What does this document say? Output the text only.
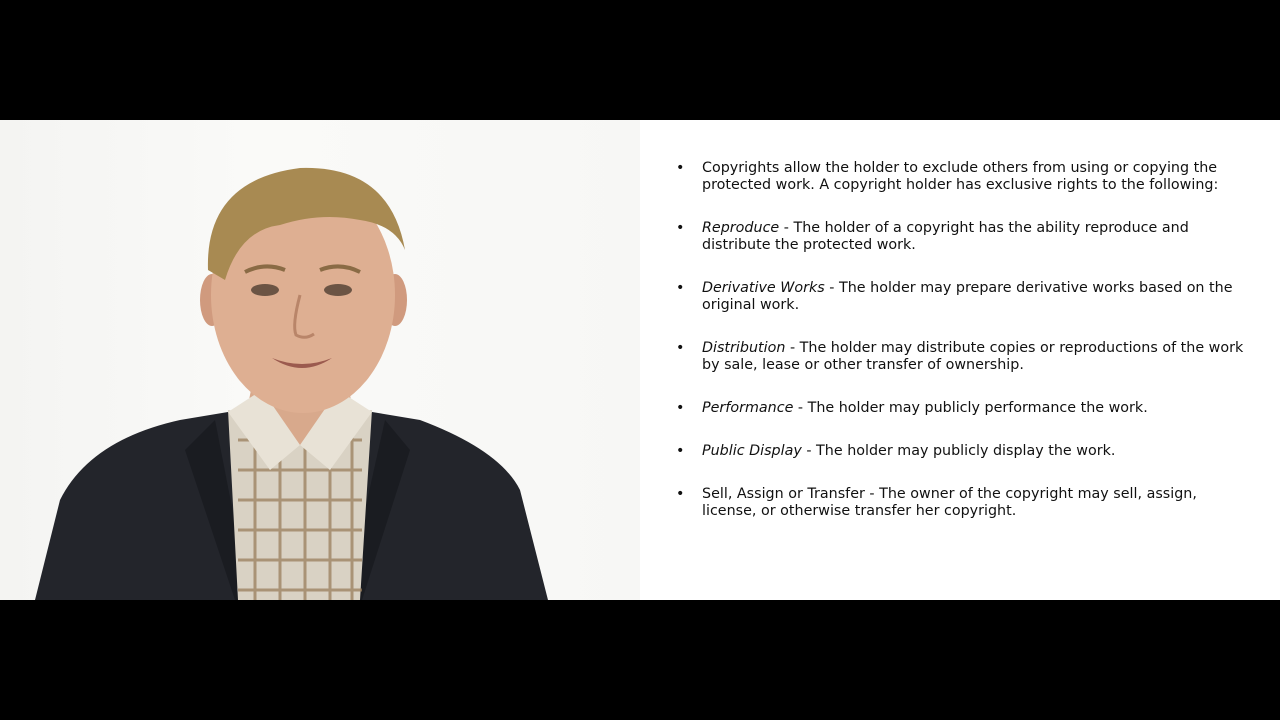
• Copyrights allow the holder to exclude others from using or copying the protected work. A copyright holder has exclusive rights to the following:
• Reproduce - The holder of a copyright has the ability reproduce and distribute the protected work.
• Derivative Works - The holder may prepare derivative works based on the original work.
• Distribution - The holder may distribute copies or reproductions of the work by sale, lease or other transfer of ownership.
• Performance - The holder may publicly performance the work.
• Public Display - The holder may publicly display the work.
• Sell, Assign or Transfer - The owner of the copyright may sell, assign, license, or otherwise transfer her copyright.
